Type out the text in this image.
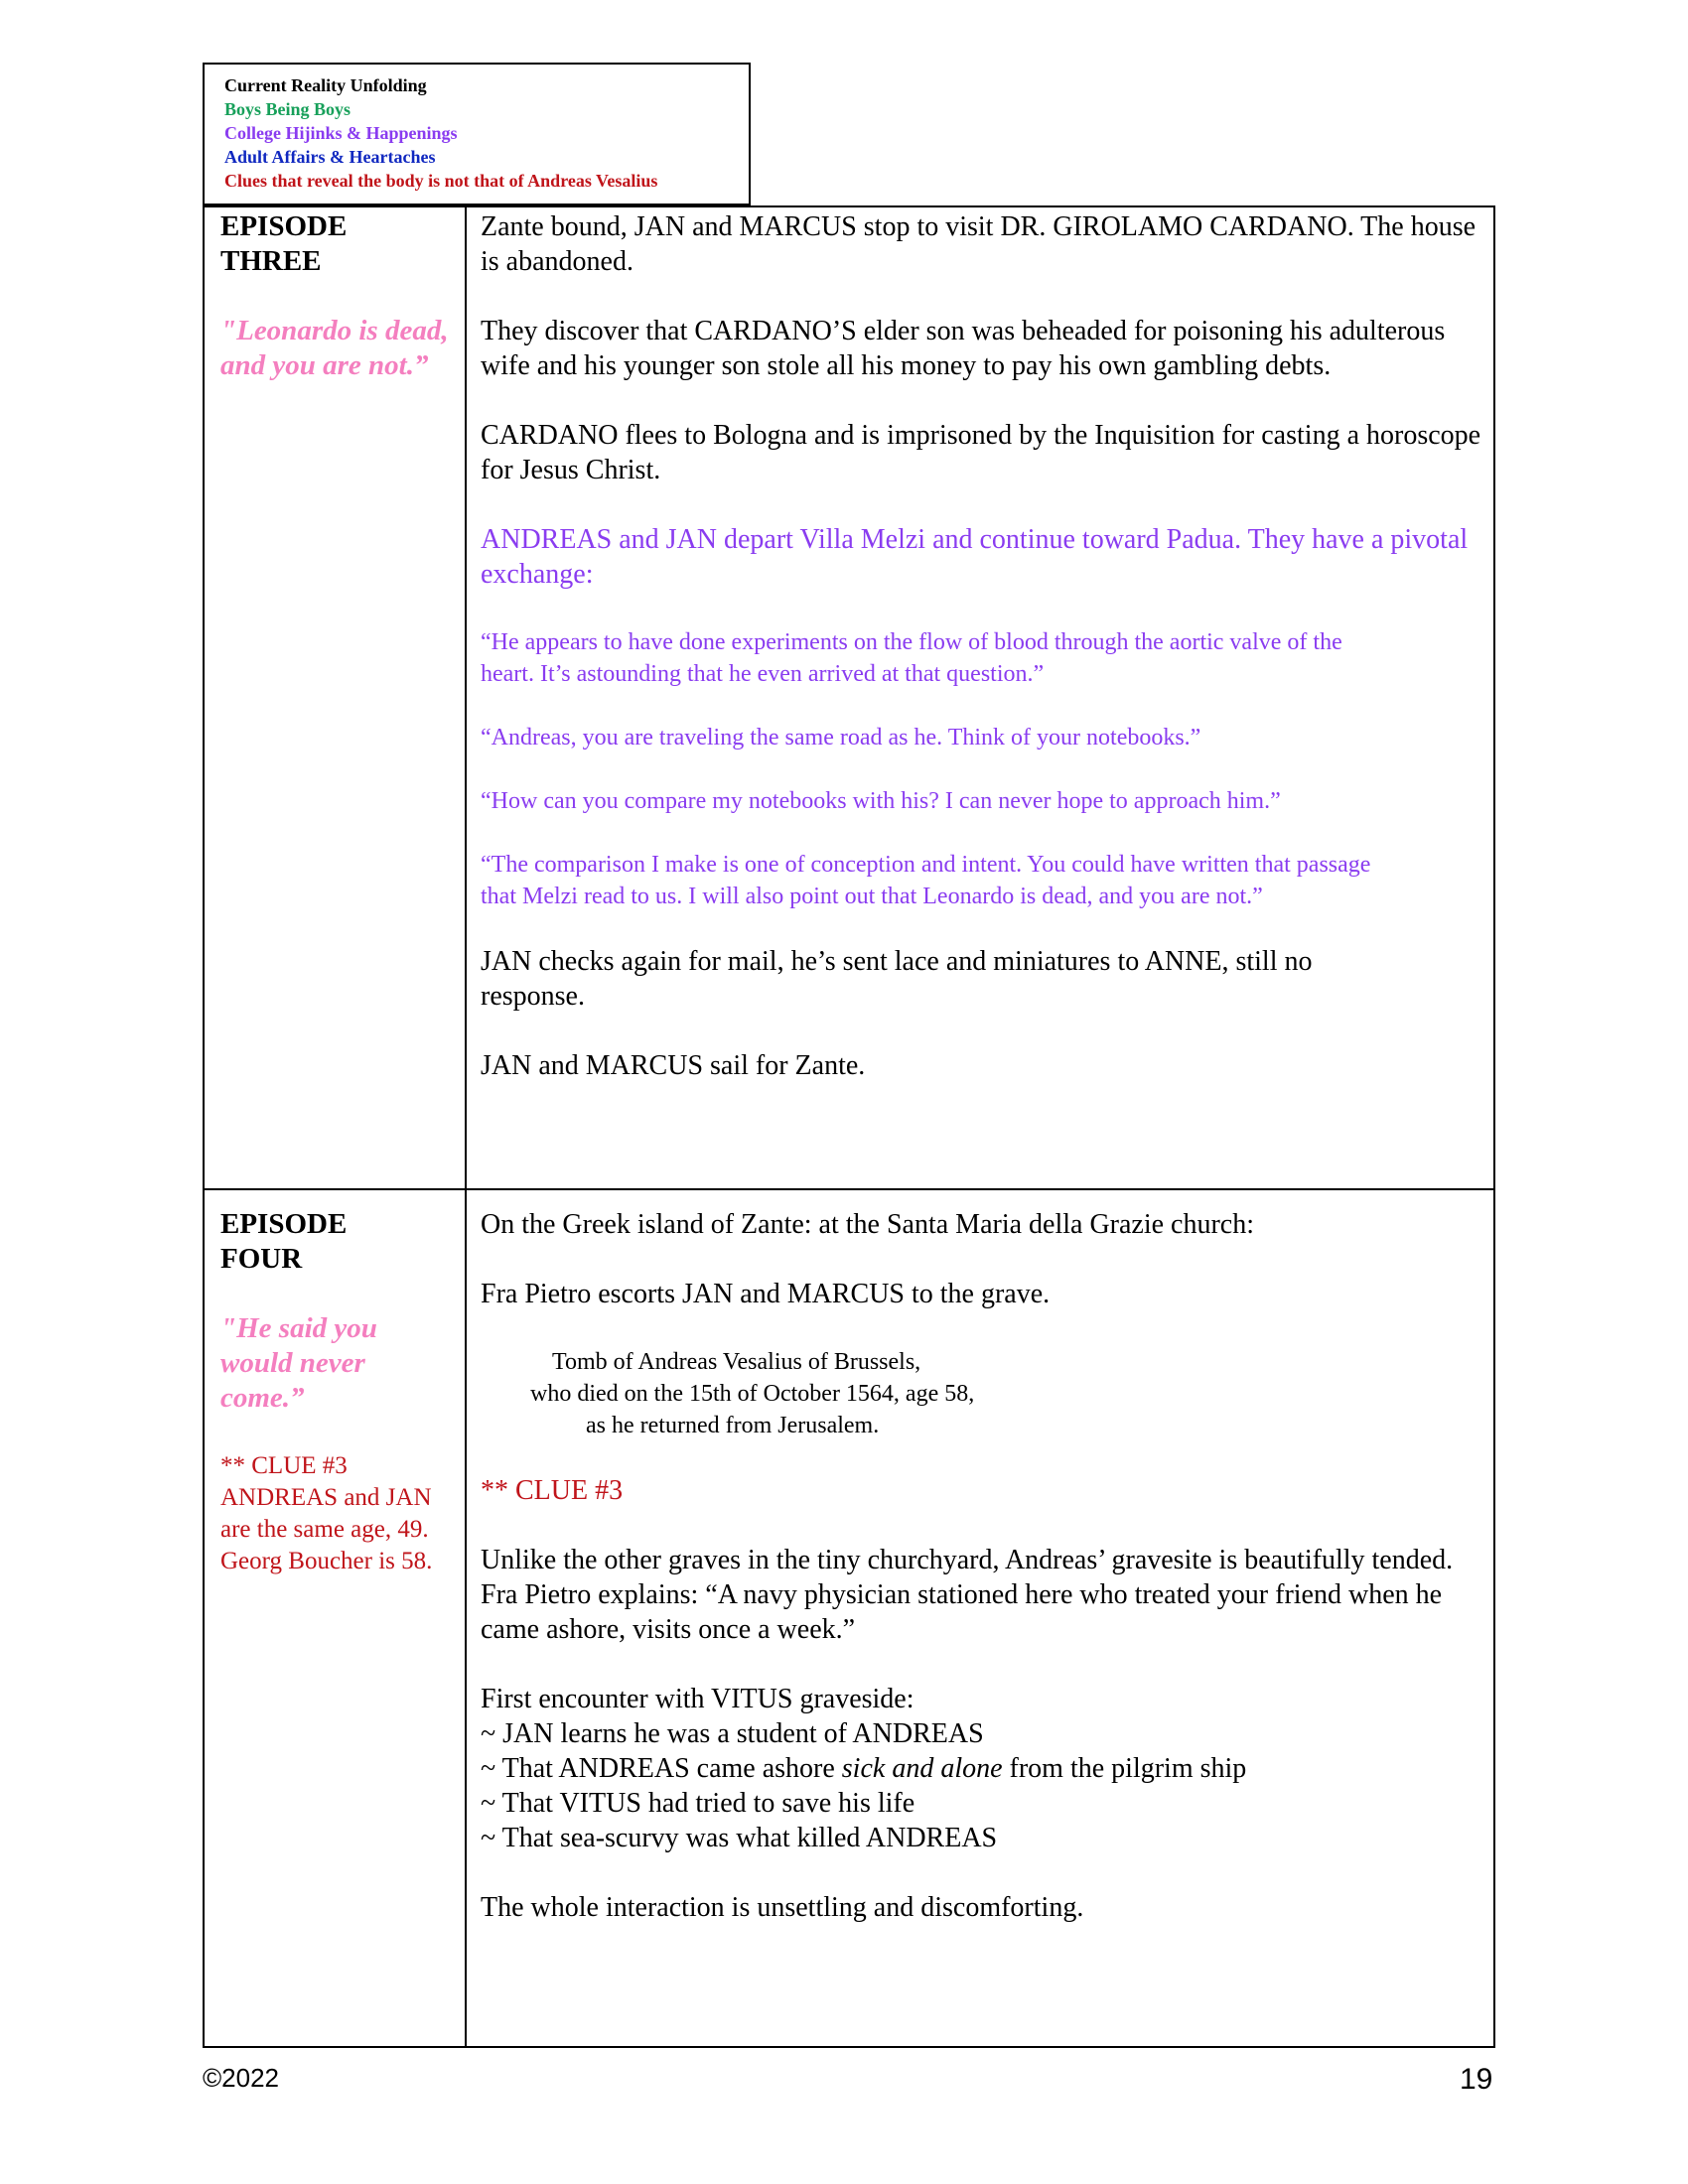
Current Reality Unfolding
Boys Being Boys
College Hijinks & Happenings
Adult Affairs & Heartaches
Clues that reveal the body is not that of Andreas Vesalius
EPISODE
THREE
"Leonardo is dead, and you are not.”

Zante bound, JAN and MARCUS stop to visit DR. GIROLAMO CARDANO. The house is abandoned.

They discover that CARDANO’S elder son was beheaded for poisoning his adulterous wife and his younger son stole all his money to pay his own gambling debts.

CARDANO flees to Bologna and is imprisoned by the Inquisition for casting a horoscope for Jesus Christ.

ANDREAS and JAN depart Villa Melzi and continue toward Padua. They have a pivotal exchange:

“He appears to have done experiments on the flow of blood through the aortic valve of the heart. It’s astounding that he even arrived at that question.”

“Andreas, you are traveling the same road as he. Think of your notebooks.”

“How can you compare my notebooks with his? I can never hope to approach him.”

“The comparison I make is one of conception and intent. You could have written that passage that Melzi read to us. I will also point out that Leonardo is dead, and you are not.”

JAN checks again for mail, he’s sent lace and miniatures to ANNE, still no response.

JAN and MARCUS sail for Zante.

EPISODE
FOUR
"He said you would never come.”
** CLUE #3 ANDREAS and JAN are the same age, 49. Georg Boucher is 58.

On the Greek island of Zante: at the Santa Maria della Grazie church:

Fra Pietro escorts JAN and MARCUS to the grave.

Tomb of Andreas Vesalius of Brussels,
who died on the 15th of October 1564, age 58,
as he returned from Jerusalem.

** CLUE #3

Unlike the other graves in the tiny churchyard, Andreas’ gravesite is beautifully tended.

Fra Pietro explains: “A navy physician stationed here who treated your friend when he came ashore, visits once a week.”

First encounter with VITUS graveside:
~ JAN learns he was a student of ANDREAS
~ That ANDREAS came ashore sick and alone from the pilgrim ship
~ That VITUS had tried to save his life
~ That sea-scurvy was what killed ANDREAS

The whole interaction is unsettling and discomforting.

©2022	19
